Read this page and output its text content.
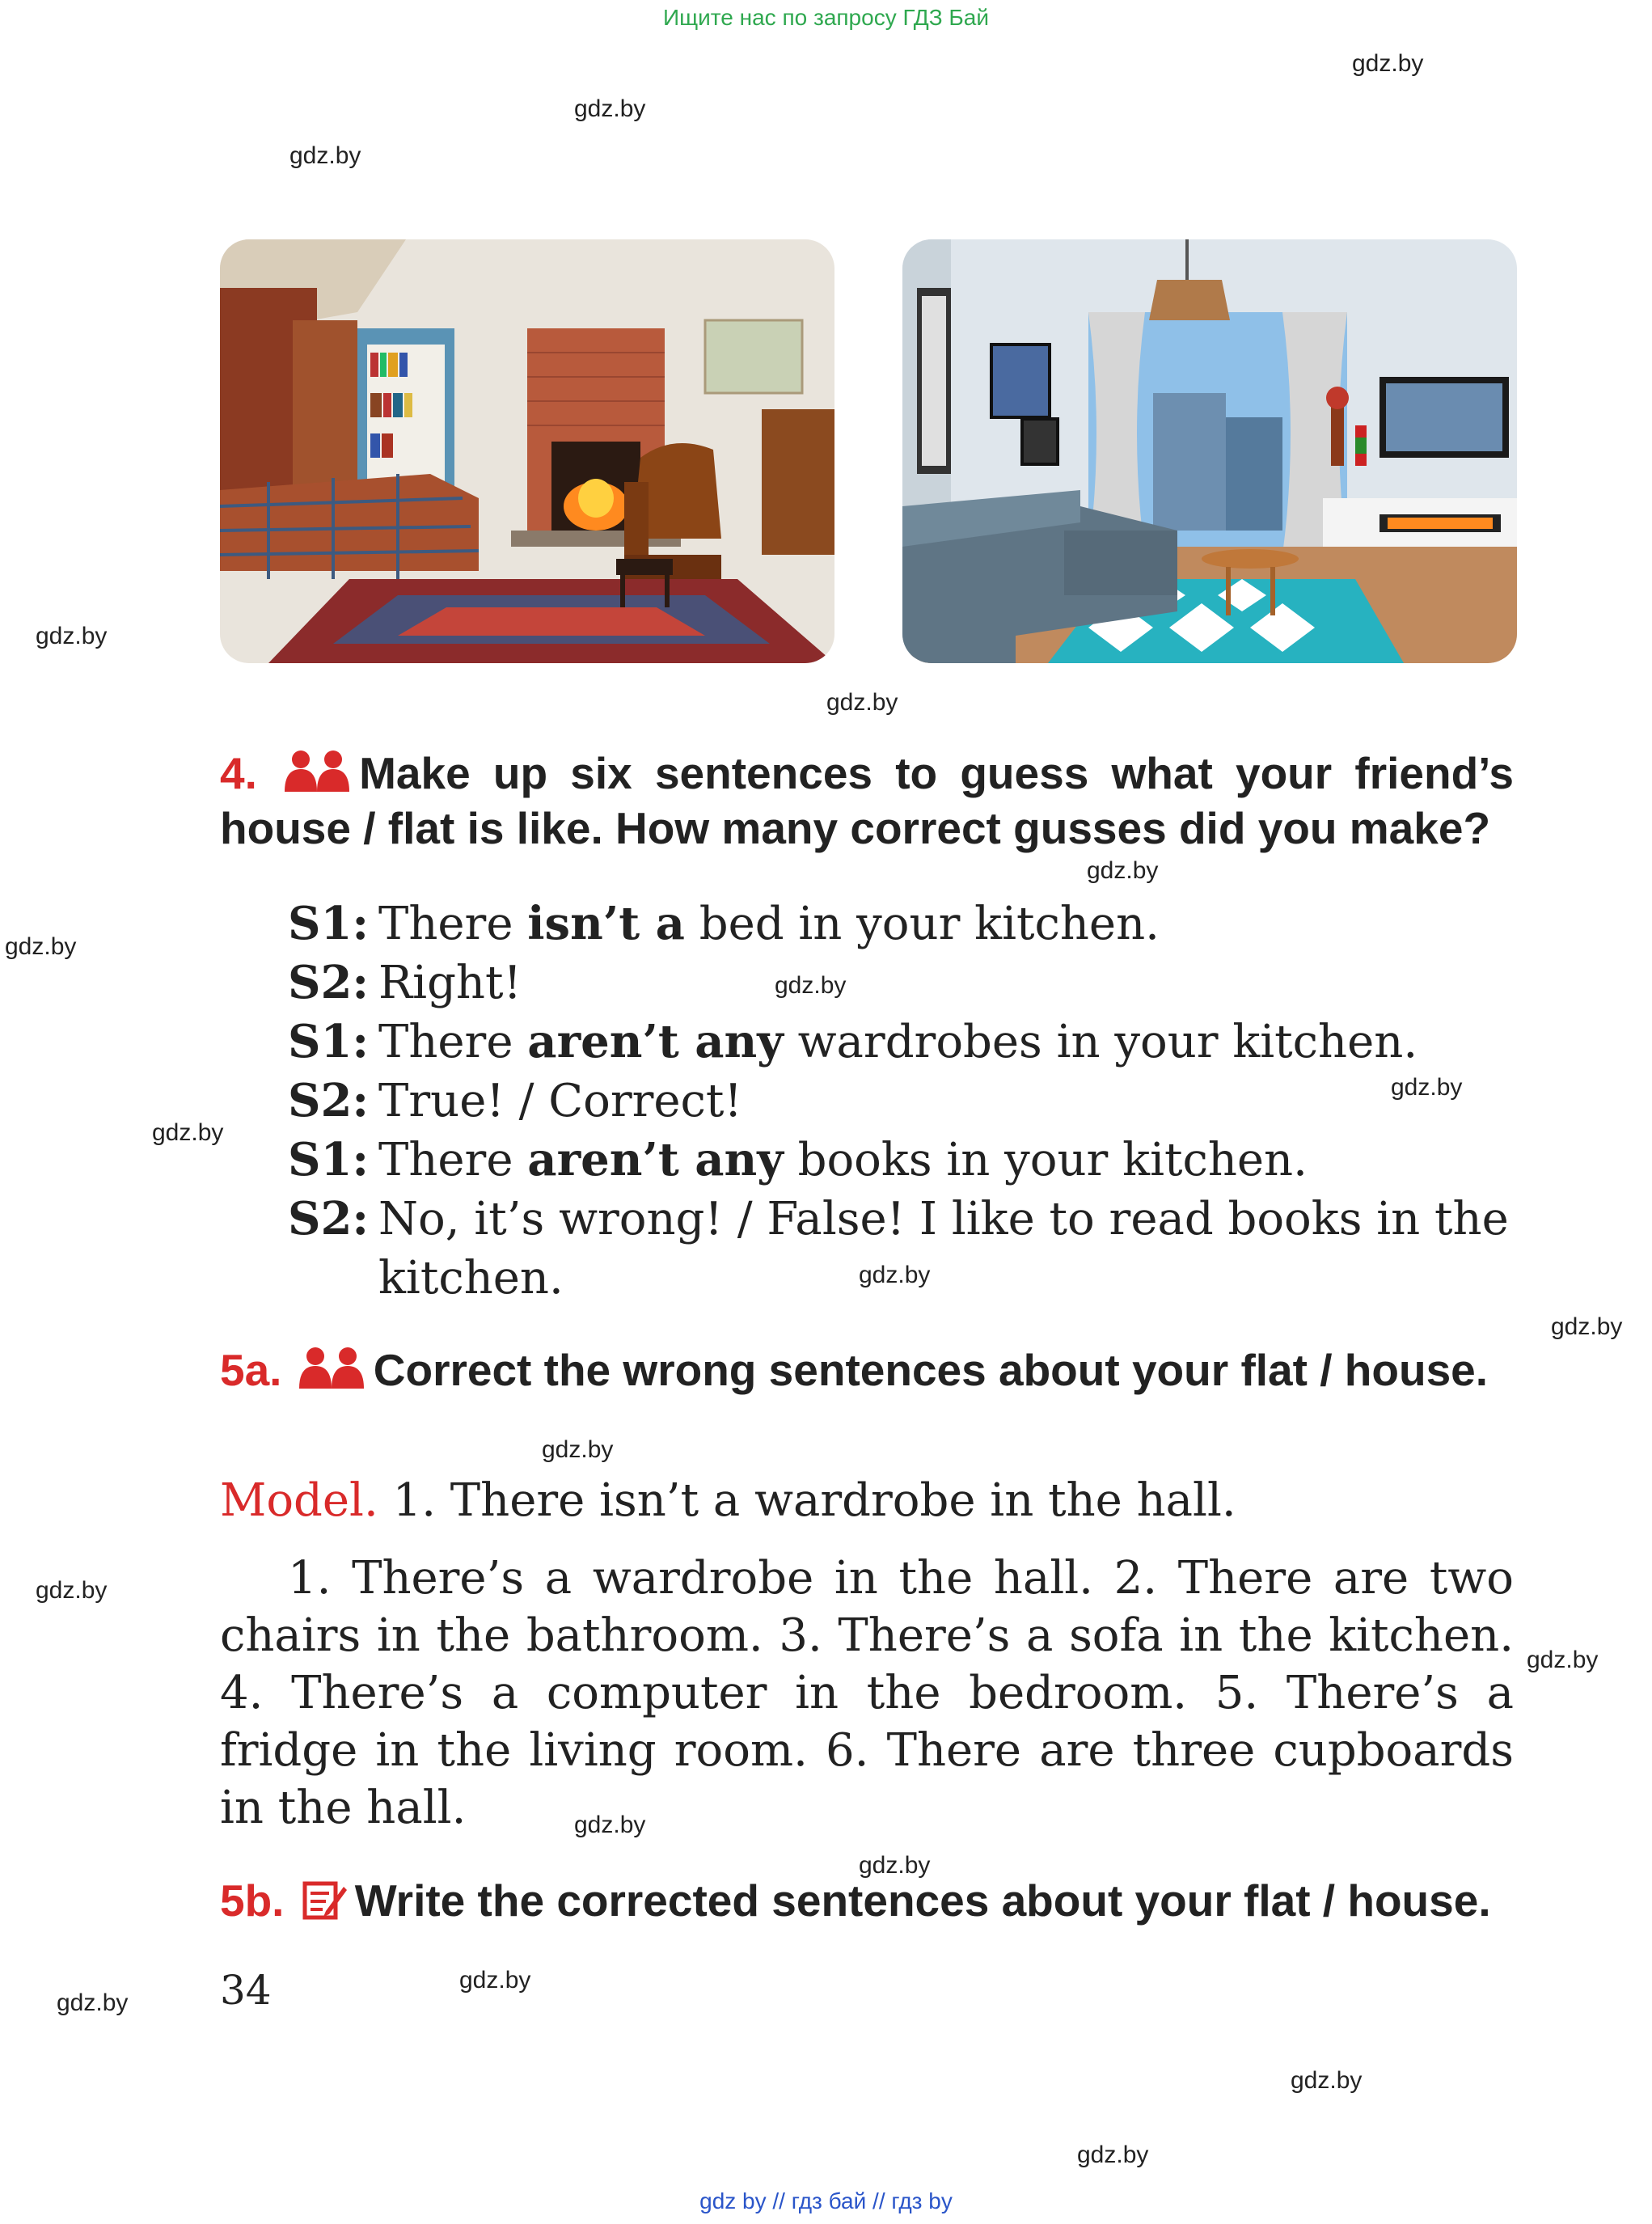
Ищите нас по запросу ГДЗ Бай
gdz.by
gdz.by
gdz.by
gdz.by
gdz.by
gdz.by
gdz.by
gdz.by
gdz.by
gdz.by
gdz.by
gdz.by
gdz.by
gdz.by
gdz.by
gdz.by
gdz.by
gdz.by
gdz.by
gdz.by
gdz.by
4. Make up six sentences to guess what your friend’s house / flat is like. How many correct gusses did you make?
S1: There isn’t a bed in your kitchen.
S2: Right!
S1: There aren’t any wardrobes in your kitchen.
S2: True! / Correct!
S1: There aren’t any books in your kitchen.
S2: No, it’s wrong! / False! I like to read books in the kitchen.
5a. Correct the wrong sentences about your flat / house.
Model. 1. There isn’t a wardrobe in the hall.
1. There’s a wardrobe in the hall. 2. There are two chairs in the bathroom. 3. There’s a sofa in the kitchen. 4. There’s a computer in the bedroom. 5. There’s a fridge in the living room. 6. There are three cupboards in the hall.
5b. Write the corrected sentences about your flat / house.
34
gdz by // гдз бай // гдз by
